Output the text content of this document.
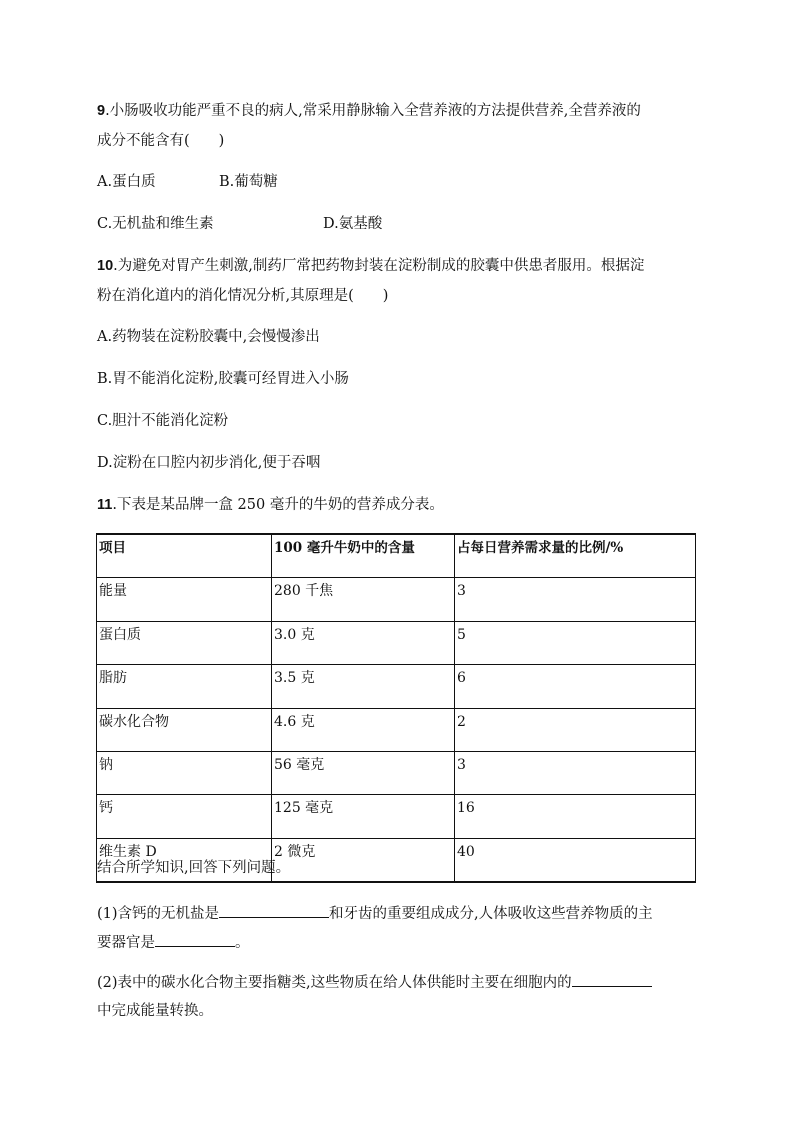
9.小肠吸收功能严重不良的病人,常采用静脉输入全营养液的方法提供营养,全营养液的
成分不能含有(　　)
A.蛋白质	B.葡萄糖
C.无机盐和维生素	D.氨基酸
10.为避免对胃产生刺激,制药厂常把药物封装在淀粉制成的胶囊中供患者服用。根据淀
粉在消化道内的消化情况分析,其原理是(　　)
A.药物装在淀粉胶囊中,会慢慢渗出
B.胃不能消化淀粉,胶囊可经胃进入小肠
C.胆汁不能消化淀粉
D.淀粉在口腔内初步消化,便于吞咽
11.下表是某品牌一盒 250 毫升的牛奶的营养成分表。
项目	100 毫升牛奶中的含量	占每日营养需求量的比例/%
能量	280 千焦	3
蛋白质	3.0 克	5
脂肪	3.5 克	6
碳水化合物	4.6 克	2
钠	56 毫克	3
钙	125 毫克	16
维生素 D	2 微克	40
结合所学知识,回答下列问题。
(1)含钙的无机盐是	和牙齿的重要组成成分,人体吸收这些营养物质的主
要器官是	。
(2)表中的碳水化合物主要指糖类,这些物质在给人体供能时主要在细胞内的
中完成能量转换。
